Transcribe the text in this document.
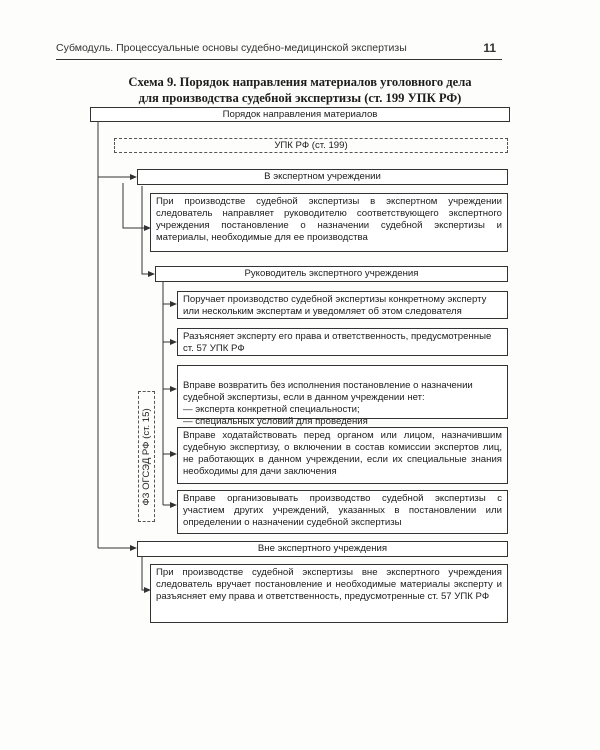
Субмодуль. Процессуальные основы судебно-медицинской экспертизы	11
Схема 9. Порядок направления материалов уголовного дела
для производства судебной экспертизы (ст. 199 УПК РФ)
Порядок направления материалов
УПК РФ (ст. 199)
В экспертном учреждении
При производстве судебной экспертизы в экспертном учреждении следователь направляет руководителю соответствующего экспертного учреждения постановление о назначении судебной экспертизы и материалы, необходимые для ее производства
Руководитель экспертного учреждения
ФЗ ОГСЭД РФ (ст. 15)
Поручает производство судебной экспертизы конкретному эксперту или нескольким экспертам и уведомляет об этом следователя
Разъясняет эксперту его права и ответственность, предусмотренные ст. 57 УПК РФ

Вправе возвратить без исполнения постановление о назначении судебной экспертизы, если в данном учреждении нет:
— эксперта конкретной специальности;
— специальных условий для проведения

Вправе ходатайствовать перед органом или лицом, назначившим судебную экспертизу, о включении в состав комиссии экспертов лиц, не работающих в данном учреждении, если их специальные знания необходимы для дачи заключения
Вправе организовывать производство судебной экспертизы с участием других учреждений, указанных в постановлении или определении о назначении судебной экспертизы
Вне экспертного учреждения
При производстве судебной экспертизы вне экспертного учреждения следователь вручает постановление и необходимые материалы эксперту и разъясняет ему права и ответственность, предусмотренные ст. 57 УПК РФ
